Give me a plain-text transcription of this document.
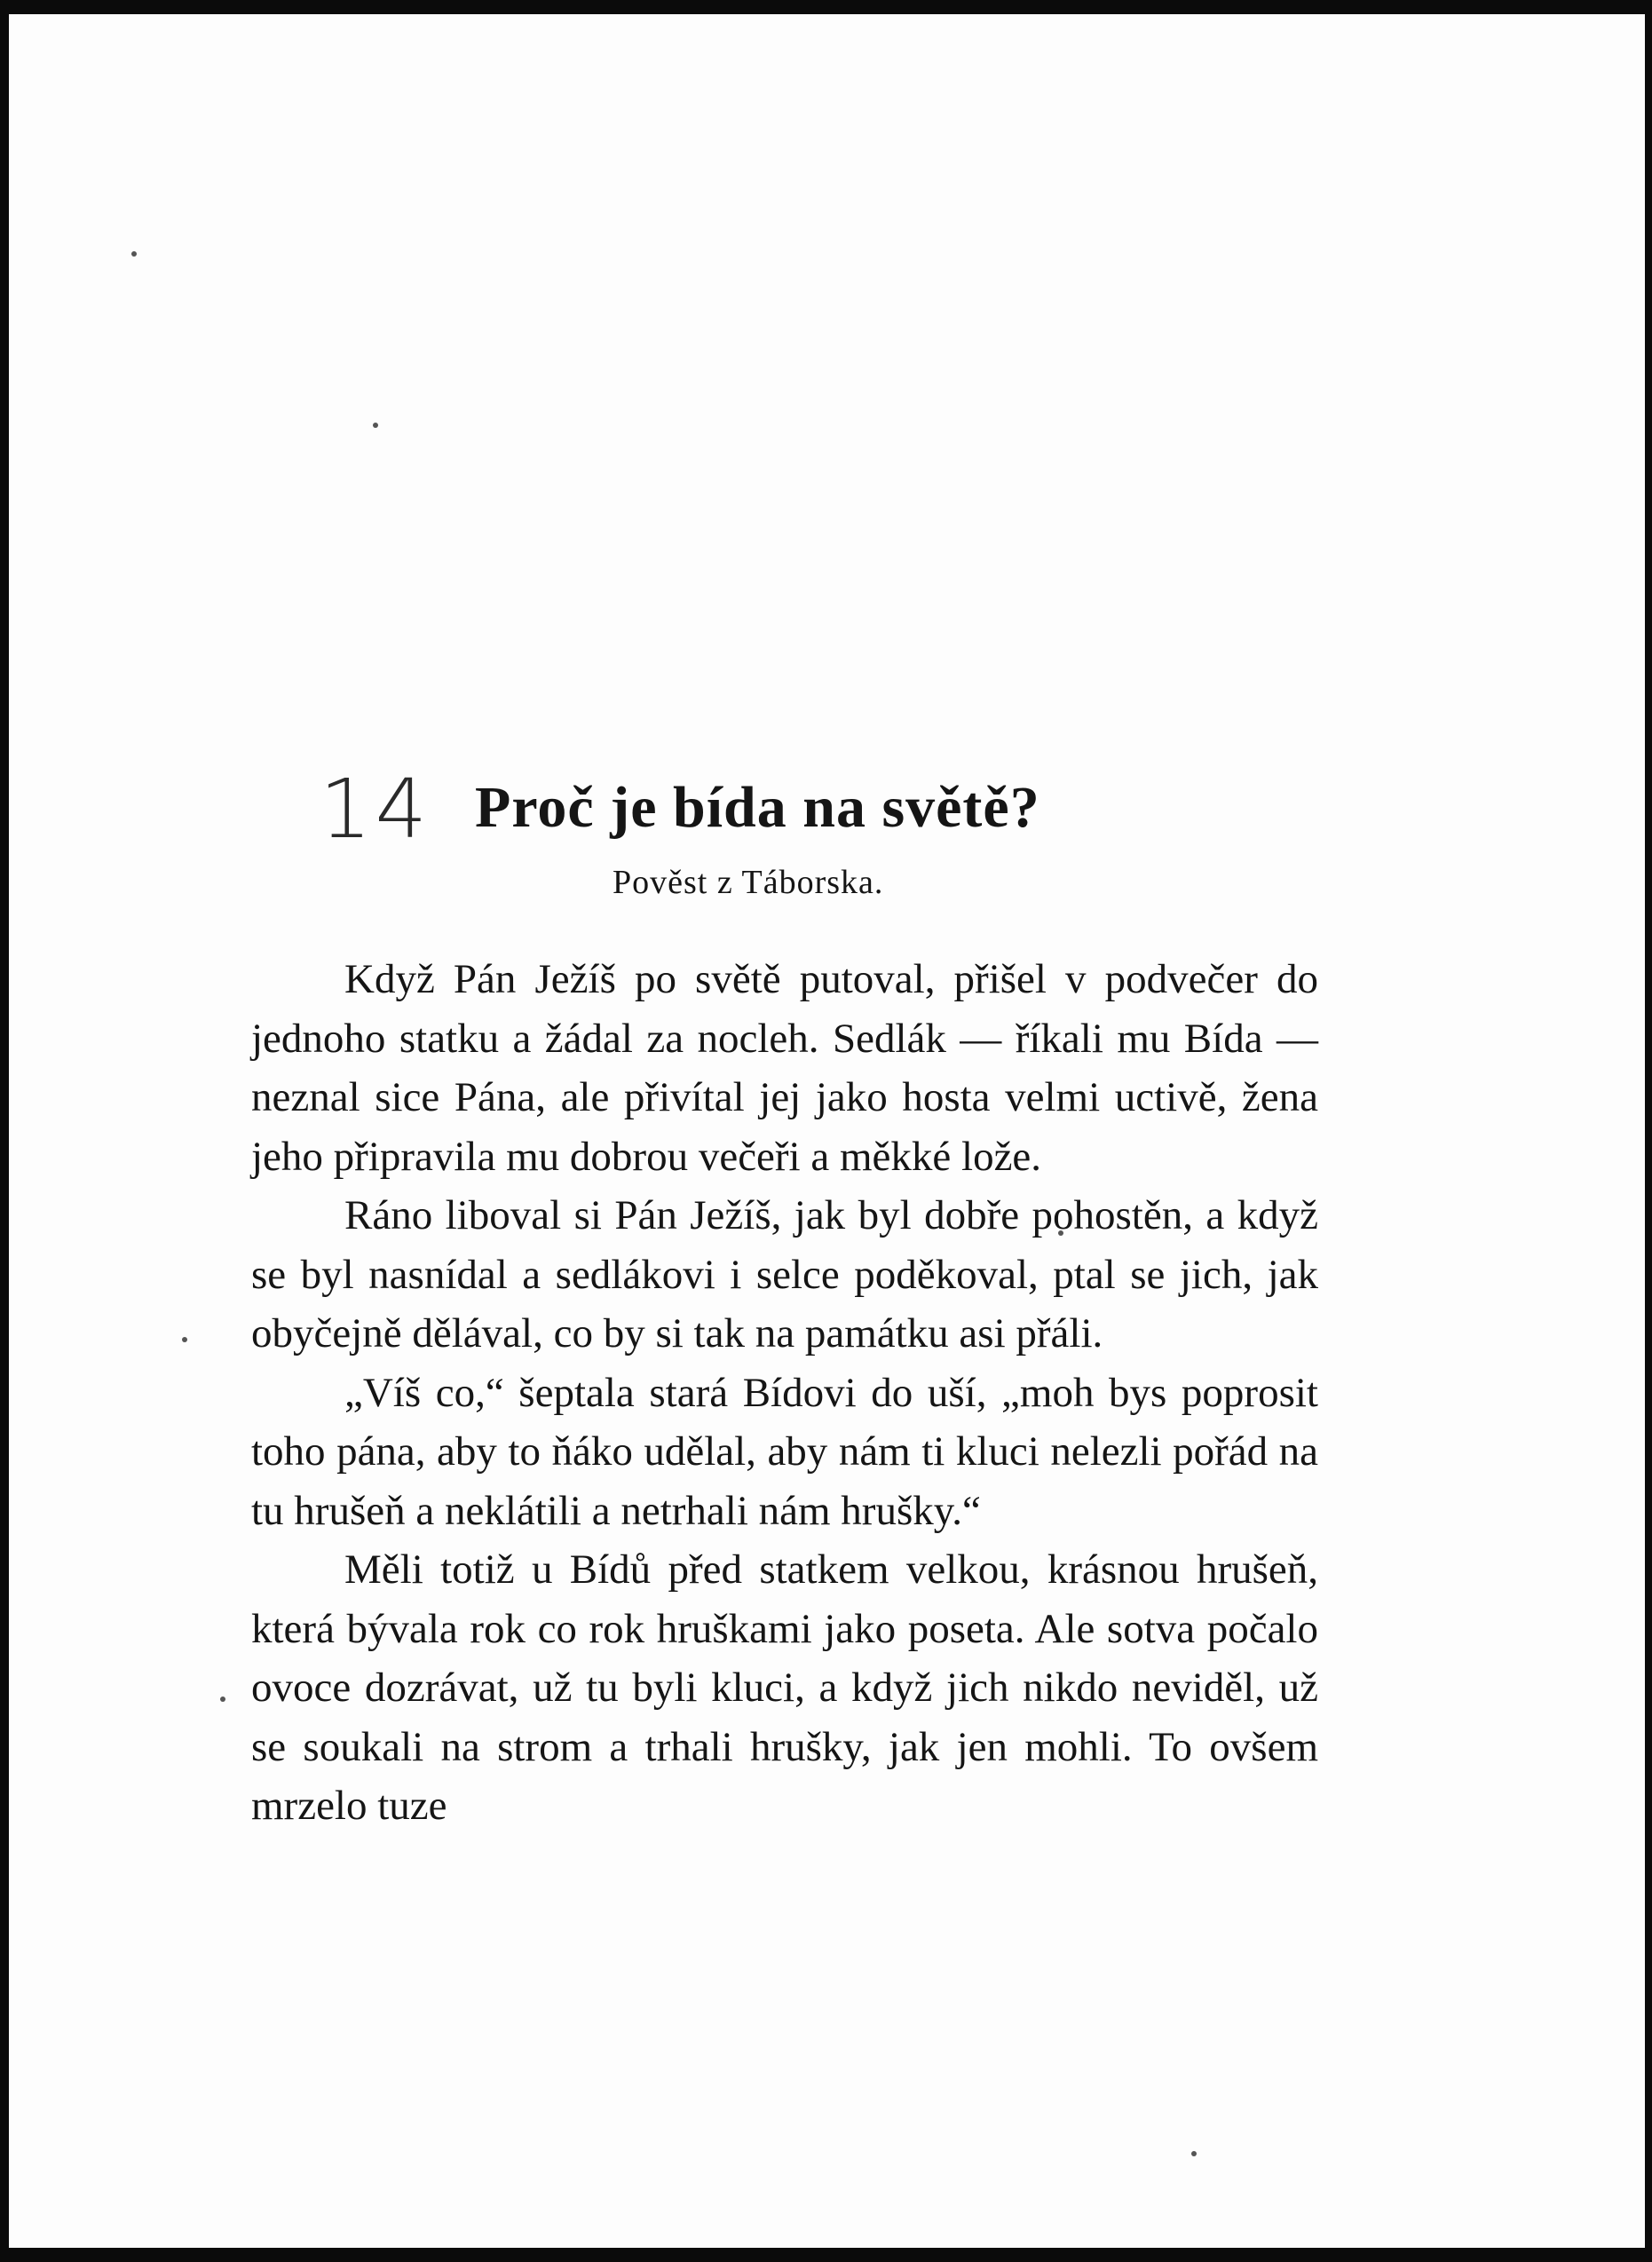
14 Proč je bída na světě?
Pověst z Táborska.

Když Pán Ježíš po světě putoval, přišel v podvečer do jednoho statku a žádal za nocleh. Sedlák — říkali mu Bída — neznal sice Pána, ale přivítal jej jako hosta velmi uctivě, žena jeho připravila mu dobrou večeři a měkké lože.

Ráno liboval si Pán Ježíš, jak byl dobře pohostěn, a když se byl nasnídal a sedlákovi i selce poděkoval, ptal se jich, jak obyčejně dělával, co by si tak na památku asi přáli.

„Víš co,“ šeptala stará Bídovi do uší, „moh bys poprosit toho pána, aby to ňáko udělal, aby nám ti kluci nelezli pořád na tu hrušeň a neklátili a netrhali nám hrušky.“

Měli totiž u Bídů před statkem velkou, krásnou hrušeň, která bývala rok co rok hruškami jako poseta. Ale sotva počalo ovoce dozrávat, už tu byli kluci, a když jich nikdo neviděl, už se soukali na strom a trhali hrušky, jak jen mohli. To ovšem mrzelo tuze
